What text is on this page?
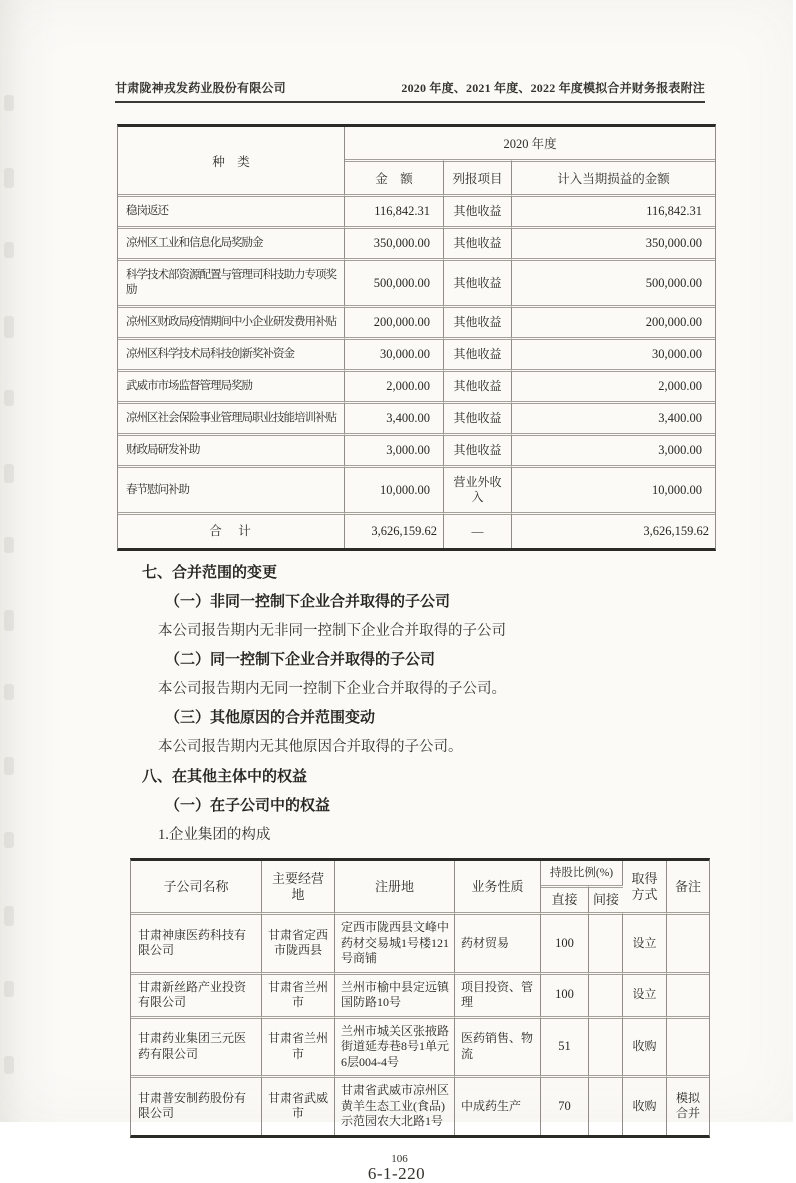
甘肃陇神戎发药业股份有限公司	2020 年度、2021 年度、2022 年度模拟合并财务报表附注
种　类	2020 年度		
	金　额	列报项目	计入当期损益的金额
稳岗返还	116,842.31	其他收益	116,842.31
凉州区工业和信息化局奖励金	350,000.00	其他收益	350,000.00
科学技术部资源配置与管理司科技助力专项奖励	500,000.00	其他收益	500,000.00
凉州区财政局疫情期间中小企业研发费用补贴	200,000.00	其他收益	200,000.00
凉州区科学技术局科技创新奖补资金	30,000.00	其他收益	30,000.00
武威市市场监督管理局奖励	2,000.00	其他收益	2,000.00
凉州区社会保险事业管理局职业技能培训补贴	3,400.00	其他收益	3,400.00
财政局研发补助	3,000.00	其他收益	3,000.00
春节慰问补助	10,000.00	营业外收入	10,000.00
合　计	3,626,159.62	—	3,626,159.62
七、合并范围的变更
（一）非同一控制下企业合并取得的子公司
本公司报告期内无非同一控制下企业合并取得的子公司
（二）同一控制下企业合并取得的子公司
本公司报告期内无同一控制下企业合并取得的子公司。
（三）其他原因的合并范围变动
本公司报告期内无其他原因合并取得的子公司。
八、在其他主体中的权益
（一）在子公司中的权益
1.企业集团的构成
子公司名称	主要经营地	注册地	业务性质	持股比例(%)		取得方式	备注
				直接	间接		
甘肃神康医药科技有限公司	甘肃省定西市陇西县	定西市陇西县文峰中药材交易城1号楼121号商铺	药材贸易	100		设立	
甘肃新丝路产业投资有限公司	甘肃省兰州市	兰州市榆中县定远镇国防路10号	项目投资、管理	100		设立	
甘肃药业集团三元医药有限公司	甘肃省兰州市	兰州市城关区张掖路街道延寿巷8号1单元6层004-4号	医药销售、物流	51		收购	
甘肃普安制药股份有限公司	甘肃省武威市	甘肃省武威市凉州区黄羊生态工业(食品)示范园农大北路1号	中成药生产	70		收购	模拟合并
106
6-1-220
